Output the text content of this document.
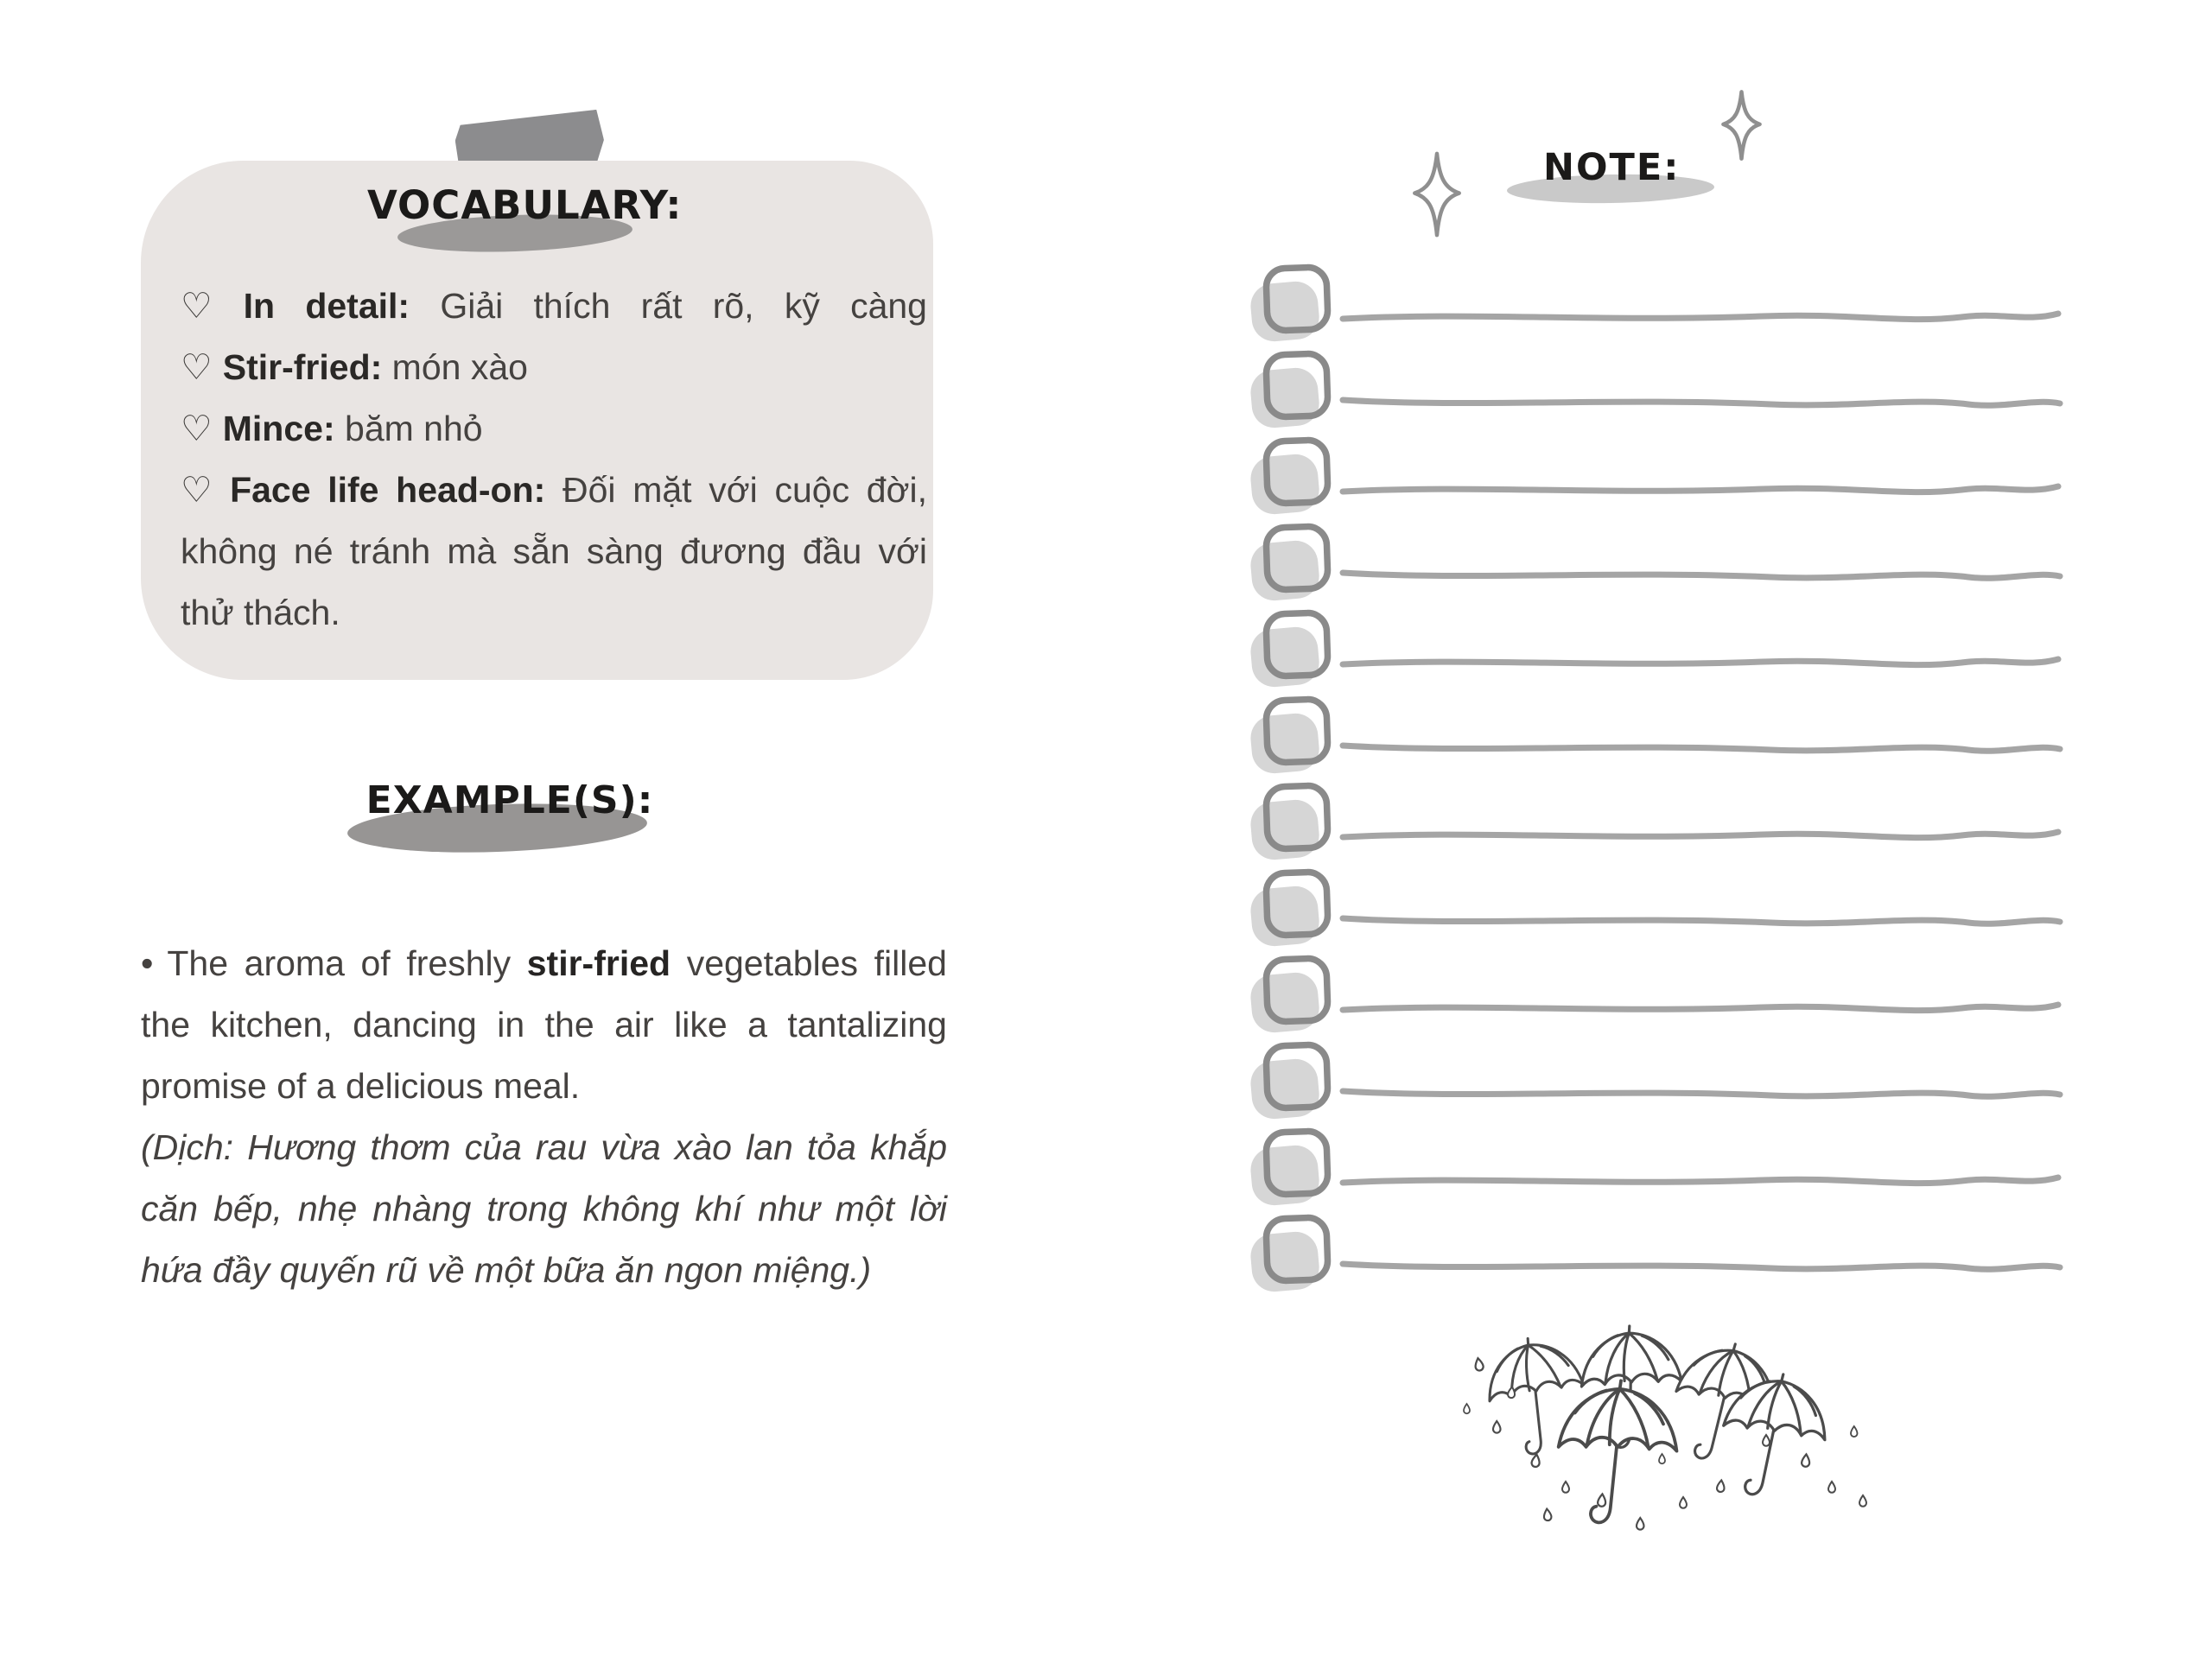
VOCABULARY:
♡ In detail: Giải thích rất rõ, kỹ càng
♡ Stir-fried: món xào
♡ Mince: băm nhỏ
♡ Face life head-on: Đối mặt với cuộc đời, không né tránh mà sẵn sàng đương đầu với thử thách.
EXAMPLE(S):

• The aroma of freshly stir-fried vegetables filled the kitchen, dancing in the air like a tantalizing promise of a delicious meal.

(Dịch: Hương thơm của rau vừa xào lan tỏa khắp căn bếp, nhẹ nhàng trong không khí như một lời hứa đầy quyến rũ về một bữa ăn ngon miệng.)

NOTE:
